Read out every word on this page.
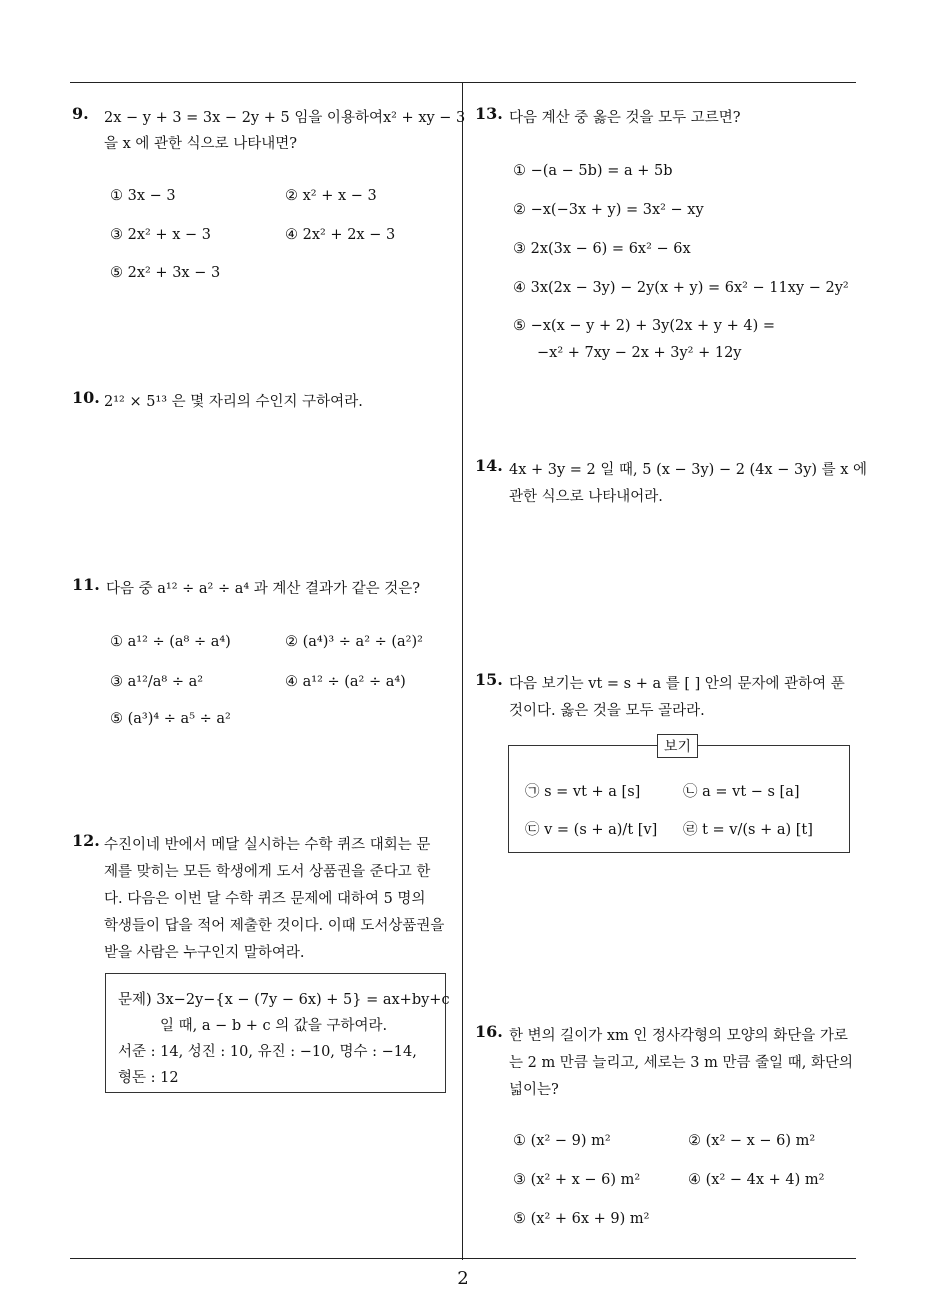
9. 2x − y + 3 = 3x − 2y + 5 임을 이용하여x² + xy − 3
을 x 에 관한 식으로 나타내면?
① 3x − 3	② x² + x − 3
③ 2x² + x − 3	④ 2x² + 2x − 3
⑤ 2x² + 3x − 3
10. 2¹² × 5¹³ 은 몇 자리의 수인지 구하여라.
11. 다음 중 a¹² ÷ a² ÷ a⁴ 과 계산 결과가 같은 것은?
① a¹² ÷ (a⁸ ÷ a⁴)	② (a⁴)³ ÷ a² ÷ (a²)²
③ a¹²/a⁸ ÷ a²	④ a¹² ÷ (a² ÷ a⁴)
⑤ (a³)⁴ ÷ a⁵ ÷ a²
12. 수진이네 반에서 메달 실시하는 수학 퀴즈 대회는 문
제를 맞히는 모든 학생에게 도서 상품권을 준다고 한
다. 다음은 이번 달 수학 퀴즈 문제에 대하여 5 명의
학생들이 답을 적어 제출한 것이다. 이때 도서상품권을
받을 사람은 누구인지 말하여라.
문제) 3x−2y−{x − (7y − 6x) + 5} = ax+by+c
일 때, a − b + c 의 값을 구하여라.
서준 : 14, 성진 : 10, 유진 : −10, 명수 : −14,
형돈 : 12
13. 다음 계산 중 옳은 것을 모두 고르면?
① −(a − 5b) = a + 5b
② −x(−3x + y) = 3x² − xy
③ 2x(3x − 6) = 6x² − 6x
④ 3x(2x − 3y) − 2y(x + y) = 6x² − 11xy − 2y²
⑤ −x(x − y + 2) + 3y(2x + y + 4) =
−x² + 7xy − 2x + 3y² + 12y
14. 4x + 3y = 2 일 때, 5 (x − 3y) − 2 (4x − 3y) 를 x 에
관한 식으로 나타내어라.
15. 다음 보기는 vt = s + a 를 [ ] 안의 문자에 관하여 푼
것이다. 옳은 것을 모두 골라라.
보기
㉠ s = vt + a [s]	㉡ a = vt − s [a]
㉢ v = (s + a)/t [v] ㉣ t = v/(s + a) [t]
16. 한 변의 길이가 xm 인 정사각형의 모양의 화단을 가로
는 2 m 만큼 늘리고, 세로는 3 m 만큼 줄일 때, 화단의
넓이는?
① (x² − 9) m²	② (x² − x − 6) m²
③ (x² + x − 6) m²	④ (x² − 4x + 4) m²
⑤ (x² + 6x + 9) m²
2
